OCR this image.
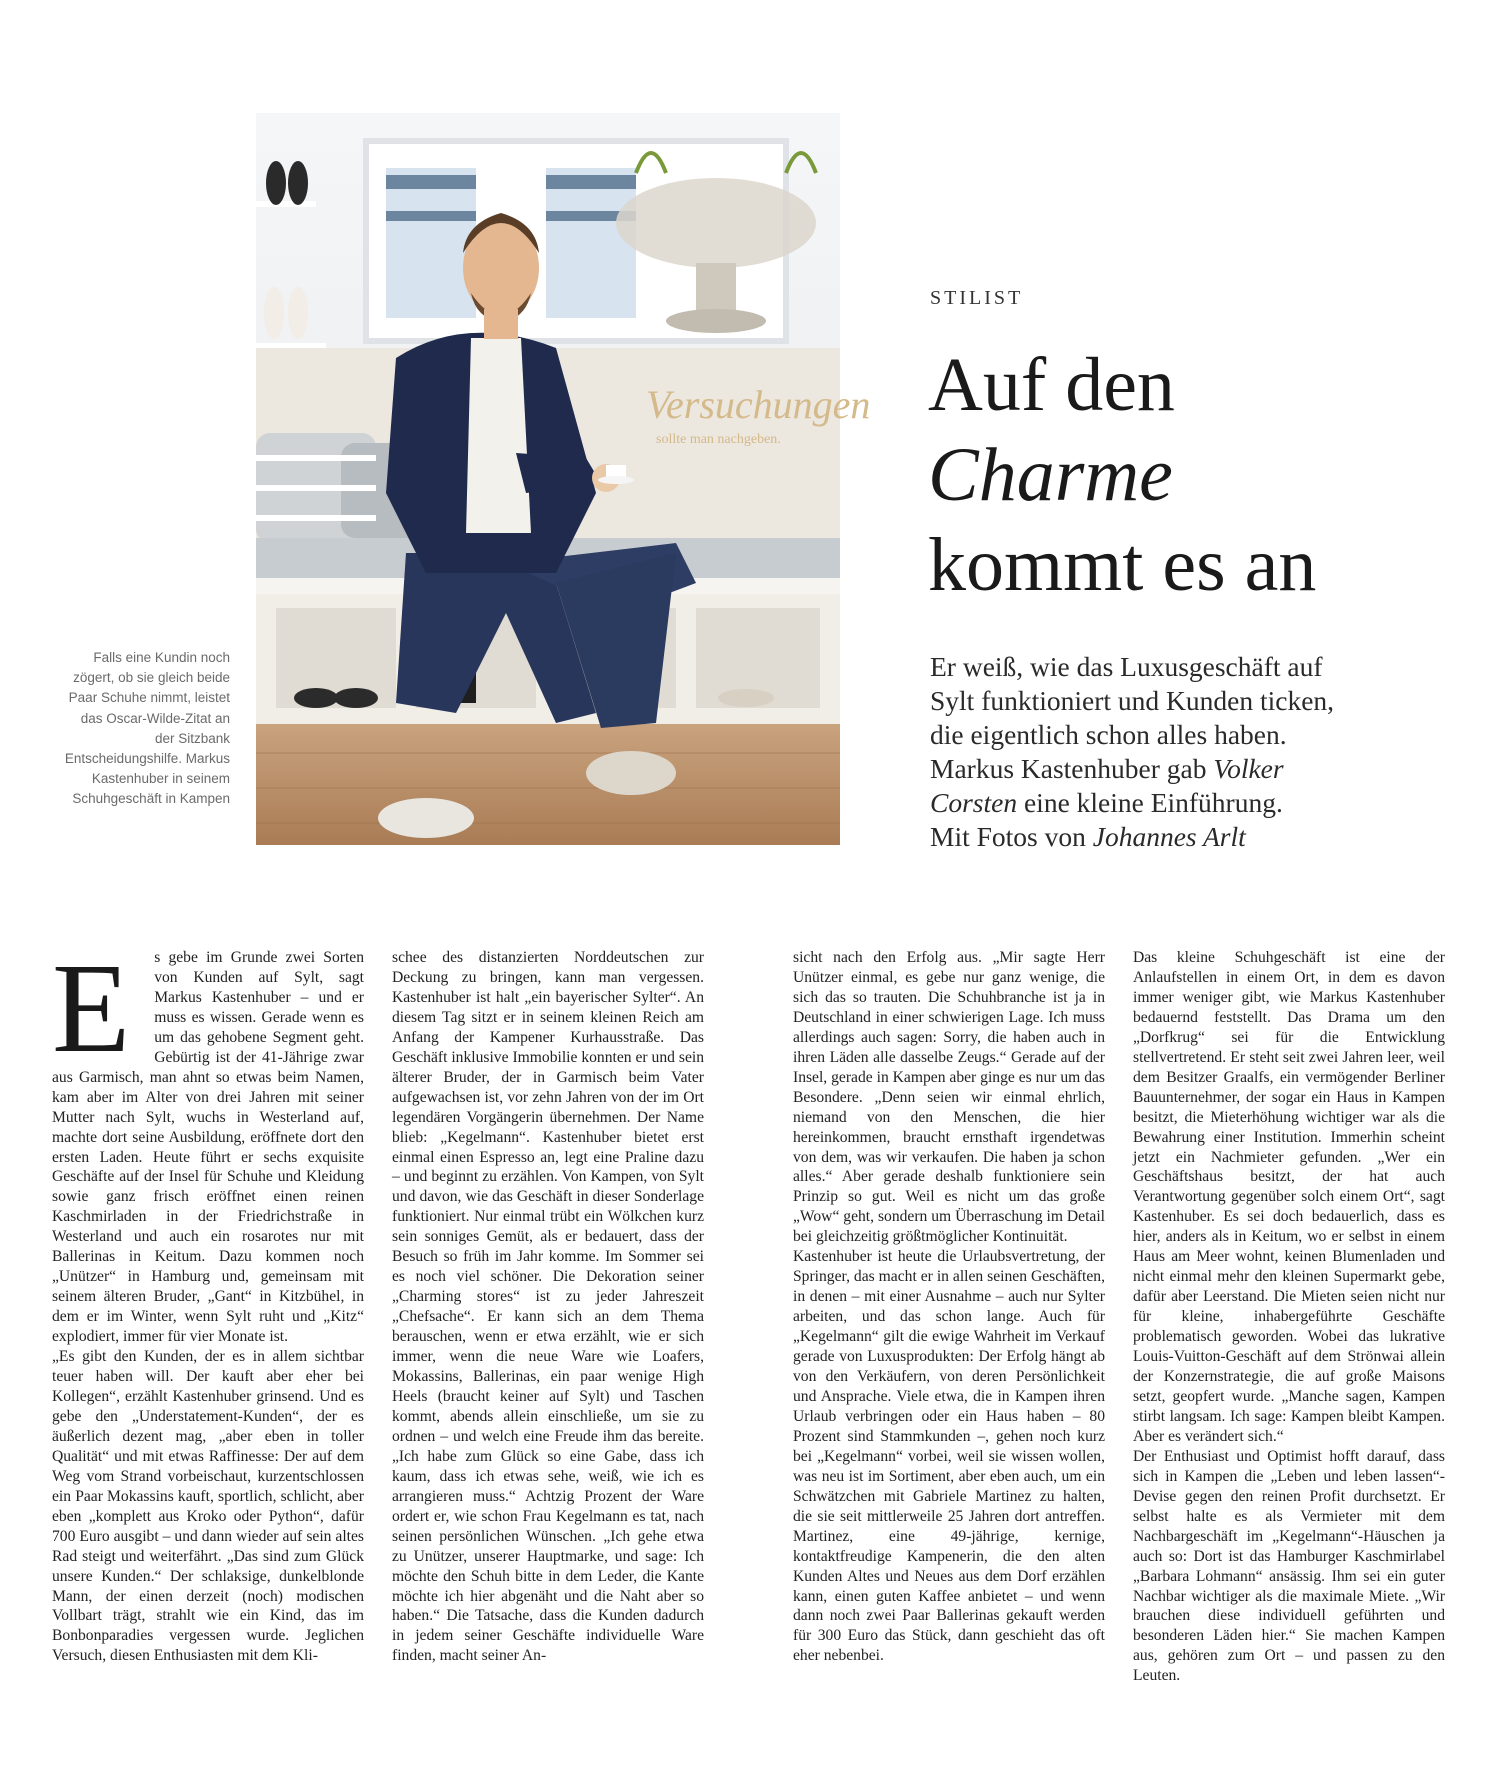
Versuchungen
sollte man nachgeben.
Falls eine Kundin noch zögert, ob sie gleich beide Paar Schuhe nimmt, leistet das Oscar-Wilde-Zitat an der Sitzbank Entscheidungshilfe. Markus Kastenhuber in seinem Schuhgeschäft in Kampen
STILIST
Auf den
Charme
kommt es an
Er weiß, wie das Luxusgeschäft auf
Sylt funktioniert und Kunden ticken,
die eigentlich schon alles haben.
Markus Kastenhuber gab Volker
Corsten eine kleine Einführung.
Mit Fotos von Johannes Arlt
E	s gebe im Grunde zwei Sorten von Kunden auf Sylt, sagt Markus Kastenhuber – und er muss es wissen. Gerade wenn es um das gehobene Segment geht. Gebürtig ist der 41-Jährige zwar aus Garmisch, man ahnt so etwas beim Namen, kam aber im Alter von drei Jahren mit seiner Mutter nach Sylt, wuchs in Westerland auf, machte dort seine Ausbildung, eröffnete dort den ersten Laden. Heute führt er sechs exquisite Geschäfte auf der Insel für Schuhe und Kleidung sowie ganz frisch eröffnet einen reinen Kaschmirladen in der Friedrichstraße in Westerland und auch ein rosarotes nur mit Ballerinas in Keitum. Dazu kommen noch „Unützer“ in Hamburg und, gemeinsam mit seinem älteren Bruder, „Gant“ in Kitzbühel, in dem er im Winter, wenn Sylt ruht und „Kitz“ explodiert, immer für vier Monate ist.

„Es gibt den Kunden, der es in allem sichtbar teuer haben will. Der kauft aber eher bei Kollegen“, erzählt Kastenhuber grinsend. Und es gebe den „Understatement-Kunden“, der es äußerlich dezent mag, „aber eben in toller Qualität“ und mit etwas Raffinesse: Der auf dem Weg vom Strand vorbeischaut, kurzentschlossen ein Paar Mokassins kauft, sportlich, schlicht, aber eben „komplett aus Kroko oder Python“, dafür 700 Euro ausgibt – und dann wieder auf sein altes Rad steigt und weiterfährt. „Das sind zum Glück unsere Kunden.“ Der schlaksige, dunkelblonde Mann, der einen derzeit (noch) modischen Vollbart trägt, strahlt wie ein Kind, das im Bonbonparadies vergessen wurde. Jeglichen Versuch, diesen Enthusiasten mit dem Kli-

schee des distanzierten Norddeutschen zur Deckung zu bringen, kann man vergessen. Kastenhuber ist halt „ein bayerischer Sylter“. An diesem Tag sitzt er in seinem kleinen Reich am Anfang der Kampener Kurhausstraße. Das Geschäft inklusive Immobilie konnten er und sein älterer Bruder, der in Garmisch beim Vater aufgewachsen ist, vor zehn Jahren von der im Ort legendären Vorgängerin übernehmen. Der Name blieb: „Kegelmann“. Kastenhuber bietet erst einmal einen Espresso an, legt eine Praline dazu – und beginnt zu erzählen. Von Kampen, von Sylt und davon, wie das Geschäft in dieser Sonderlage funktioniert. Nur einmal trübt ein Wölkchen kurz sein sonniges Gemüt, als er bedauert, dass der Besuch so früh im Jahr komme. Im Sommer sei es noch viel schöner. Die Dekoration seiner „Charming stores“ ist zu jeder Jahreszeit „Chefsache“. Er kann sich an dem Thema berauschen, wenn er etwa erzählt, wie er sich immer, wenn die neue Ware wie Loafers, Mokassins, Ballerinas, ein paar wenige High Heels (braucht keiner auf Sylt) und Taschen kommt, abends allein einschließe, um sie zu ordnen – und welch eine Freude ihm das bereite. „Ich habe zum Glück so eine Gabe, dass ich kaum, dass ich etwas sehe, weiß, wie ich es arrangieren muss.“ Achtzig Prozent der Ware ordert er, wie schon Frau Kegelmann es tat, nach seinen persönlichen Wünschen. „Ich gehe etwa zu Unützer, unserer Hauptmarke, und sage: Ich möchte den Schuh bitte in dem Leder, die Kante möchte ich hier abgenäht und die Naht aber so haben.“ Die Tatsache, dass die Kunden dadurch in jedem seiner Geschäfte individuelle Ware finden, macht seiner An-

sicht nach den Erfolg aus. „Mir sagte Herr Unützer einmal, es gebe nur ganz wenige, die sich das so trauten. Die Schuhbranche ist ja in Deutschland in einer schwierigen Lage. Ich muss allerdings auch sagen: Sorry, die haben auch in ihren Läden alle dasselbe Zeugs.“ Gerade auf der Insel, gerade in Kampen aber ginge es nur um das Besondere. „Denn seien wir einmal ehrlich, niemand von den Menschen, die hier hereinkommen, braucht ernsthaft irgendetwas von dem, was wir verkaufen. Die haben ja schon alles.“ Aber gerade deshalb funktioniere sein Prinzip so gut. Weil es nicht um das große „Wow“ geht, sondern um Überraschung im Detail bei gleichzeitig größtmöglicher Kontinuität.

Kastenhuber ist heute die Urlaubsvertretung, der Springer, das macht er in allen seinen Geschäften, in denen – mit einer Ausnahme – auch nur Sylter arbeiten, und das schon lange. Auch für „Kegelmann“ gilt die ewige Wahrheit im Verkauf gerade von Luxusprodukten: Der Erfolg hängt ab von den Verkäufern, von deren Persönlichkeit und Ansprache. Viele etwa, die in Kampen ihren Urlaub verbringen oder ein Haus haben – 80 Prozent sind Stammkunden –, gehen noch kurz bei „Kegelmann“ vorbei, weil sie wissen wollen, was neu ist im Sortiment, aber eben auch, um ein Schwätzchen mit Gabriele Martinez zu halten, die sie seit mittlerweile 25 Jahren dort antreffen. Martinez, eine 49-jährige, kernige, kontaktfreudige Kampenerin, die den alten Kunden Altes und Neues aus dem Dorf erzählen kann, einen guten Kaffee anbietet – und wenn dann noch zwei Paar Ballerinas gekauft werden für 300 Euro das Stück, dann geschieht das oft eher nebenbei.

Das kleine Schuhgeschäft ist eine der Anlaufstellen in einem Ort, in dem es davon immer weniger gibt, wie Markus Kastenhuber bedauernd feststellt. Das Drama um den „Dorfkrug“ sei für die Entwicklung stellvertretend. Er steht seit zwei Jahren leer, weil dem Besitzer Graalfs, ein vermögender Berliner Bauunternehmer, der sogar ein Haus in Kampen besitzt, die Mieterhöhung wichtiger war als die Bewahrung einer Institution. Immerhin scheint jetzt ein Nachmieter gefunden. „Wer ein Geschäftshaus besitzt, der hat auch Verantwortung gegenüber solch einem Ort“, sagt Kastenhuber. Es sei doch bedauerlich, dass es hier, anders als in Keitum, wo er selbst in einem Haus am Meer wohnt, keinen Blumenladen und nicht einmal mehr den kleinen Supermarkt gebe, dafür aber Leerstand. Die Mieten seien nicht nur für kleine, inhabergeführte Geschäfte problematisch geworden. Wobei das lukrative Louis-Vuitton-Geschäft auf dem Strönwai allein der Konzernstrategie, die auf große Maisons setzt, geopfert wurde. „Manche sagen, Kampen stirbt langsam. Ich sage: Kampen bleibt Kampen. Aber es verändert sich.“

Der Enthusiast und Optimist hofft darauf, dass sich in Kampen die „Leben und leben lassen“-Devise gegen den reinen Profit durchsetzt. Er selbst halte es als Vermieter mit dem Nachbargeschäft im „Kegelmann“-Häuschen ja auch so: Dort ist das Hamburger Kaschmirlabel „Barbara Lohmann“ ansässig. Ihm sei ein guter Nachbar wichtiger als die maximale Miete. „Wir brauchen diese individuell geführten und besonderen Läden hier.“ Sie machen Kampen aus, gehören zum Ort – und passen zu den Leuten.
